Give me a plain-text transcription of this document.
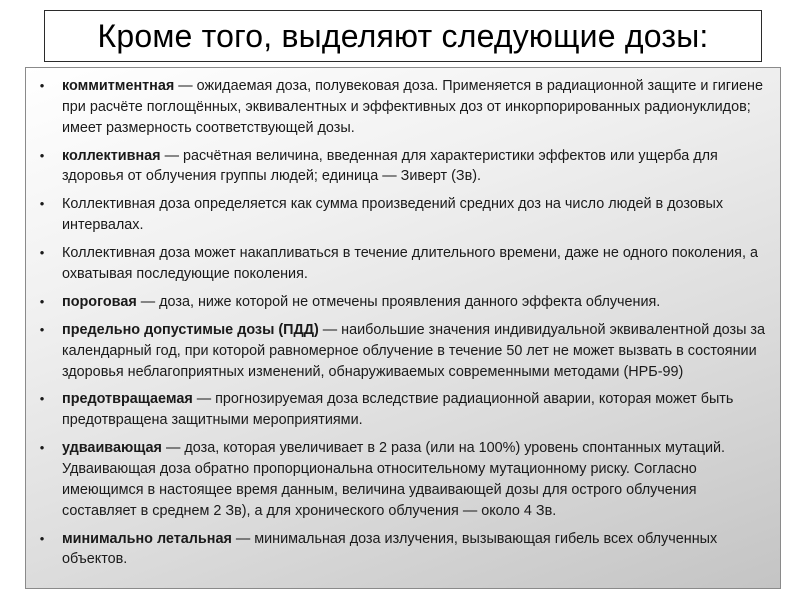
Кроме того, выделяют следующие дозы:
• коммитментная — ожидаемая доза, полувековая доза. Применяется в радиационной защите и гигиене при расчёте поглощённых, эквивалентных и эффективных доз от инкорпорированных радионуклидов; имеет размерность соответствующей дозы.
• коллективная — расчётная величина, введенная для характеристики эффектов или ущерба для здоровья от облучения группы людей; единица — Зиверт (Зв).
• Коллективная доза определяется как сумма произведений средних доз на число людей в дозовых интервалах.
• Коллективная доза может накапливаться в течение длительного времени, даже не одного поколения, а охватывая последующие поколения.
• пороговая — доза, ниже которой не отмечены проявления данного эффекта облучения.
• предельно допустимые дозы (ПДД) — наибольшие значения индивидуальной эквивалентной дозы за календарный год, при которой равномерное облучение в течение 50 лет не может вызвать в состоянии здоровья неблагоприятных изменений, обнаруживаемых современными методами (НРБ-99)
• предотвращаемая — прогнозируемая доза вследствие радиационной аварии, которая может быть предотвращена защитными мероприятиями.
• удваивающая — доза, которая увеличивает в 2 раза (или на 100%) уровень спонтанных мутаций. Удваивающая доза обратно пропорциональна относительному мутационному риску. Согласно имеющимся в настоящее время данным, величина удваивающей дозы для острого облучения составляет в среднем 2 Зв), а для хронического облучения — около 4 Зв.
• минимально летальная — минимальная доза излучения, вызывающая гибель всех облученных объектов.
